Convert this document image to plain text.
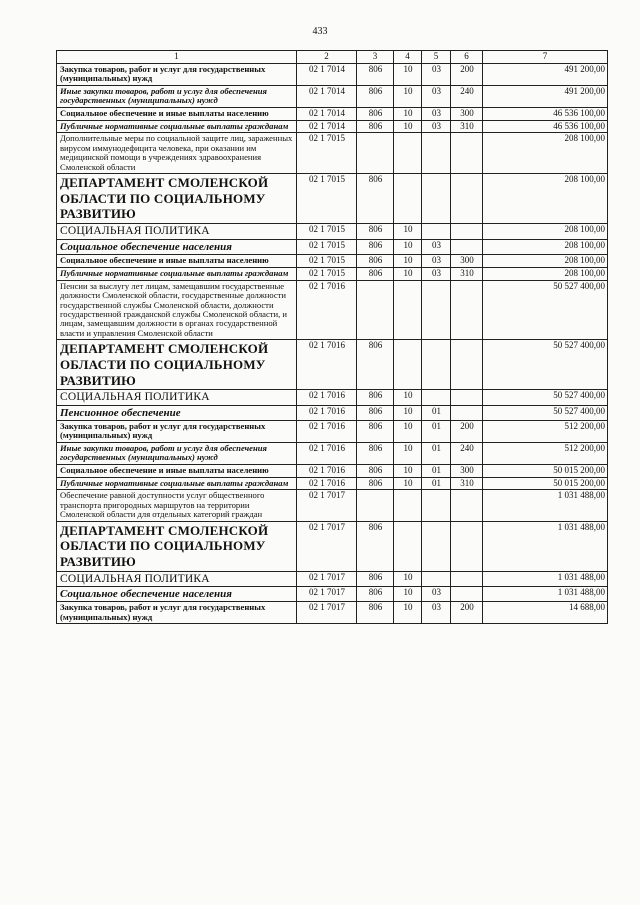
433
1	2	3	4	5	6	7
Закупка товаров, работ и услуг для государственных (муниципальных) нужд	02 1 7014	806	10	03	200	491 200,00
Иные закупки товаров, работ и услуг для обеспечения государственных (муниципальных) нужд	02 1 7014	806	10	03	240	491 200,00
Социальное обеспечение и иные выплаты населению	02 1 7014	806	10	03	300	46 536 100,00
Публичные нормативные социальные выплаты гражданам	02 1 7014	806	10	03	310	46 536 100,00
Дополнительные меры по социальной защите лиц, зараженных вирусом иммунодефицита человека, при оказании им медицинской помощи в учреждениях здравоохранения Смоленской области	02 1 7015					208 100,00
ДЕПАРТАМЕНТ СМОЛЕНСКОЙ ОБЛАСТИ ПО СОЦИАЛЬНОМУ РАЗВИТИЮ	02 1 7015	806				208 100,00
СОЦИАЛЬНАЯ ПОЛИТИКА	02 1 7015	806	10			208 100,00
Социальное обеспечение населения	02 1 7015	806	10	03		208 100,00
Социальное обеспечение и иные выплаты населению	02 1 7015	806	10	03	300	208 100,00
Публичные нормативные социальные выплаты гражданам	02 1 7015	806	10	03	310	208 100,00
Пенсии за выслугу лет лицам, замещавшим государственные должности Смоленской области, государственные должности государственной службы Смоленской области, должности государственной гражданской службы Смоленской области, и лицам, замещавшим должности в органах государственной власти и управления Смоленской области	02 1 7016					50 527 400,00
ДЕПАРТАМЕНТ СМОЛЕНСКОЙ ОБЛАСТИ ПО СОЦИАЛЬНОМУ РАЗВИТИЮ	02 1 7016	806				50 527 400,00
СОЦИАЛЬНАЯ ПОЛИТИКА	02 1 7016	806	10			50 527 400,00
Пенсионное обеспечение	02 1 7016	806	10	01		50 527 400,00
Закупка товаров, работ и услуг для государственных (муниципальных) нужд	02 1 7016	806	10	01	200	512 200,00
Иные закупки товаров, работ и услуг для обеспечения государственных (муниципальных) нужд	02 1 7016	806	10	01	240	512 200,00
Социальное обеспечение и иные выплаты населению	02 1 7016	806	10	01	300	50 015 200,00
Публичные нормативные социальные выплаты гражданам	02 1 7016	806	10	01	310	50 015 200,00
Обеспечение равной доступности услуг общественного транспорта пригородных маршрутов на территории Смоленской области для отдельных категорий граждан	02 1 7017					1 031 488,00
ДЕПАРТАМЕНТ СМОЛЕНСКОЙ ОБЛАСТИ ПО СОЦИАЛЬНОМУ РАЗВИТИЮ	02 1 7017	806				1 031 488,00
СОЦИАЛЬНАЯ ПОЛИТИКА	02 1 7017	806	10			1 031 488,00
Социальное обеспечение населения	02 1 7017	806	10	03		1 031 488,00
Закупка товаров, работ и услуг для государственных (муниципальных) нужд	02 1 7017	806	10	03	200	14 688,00
